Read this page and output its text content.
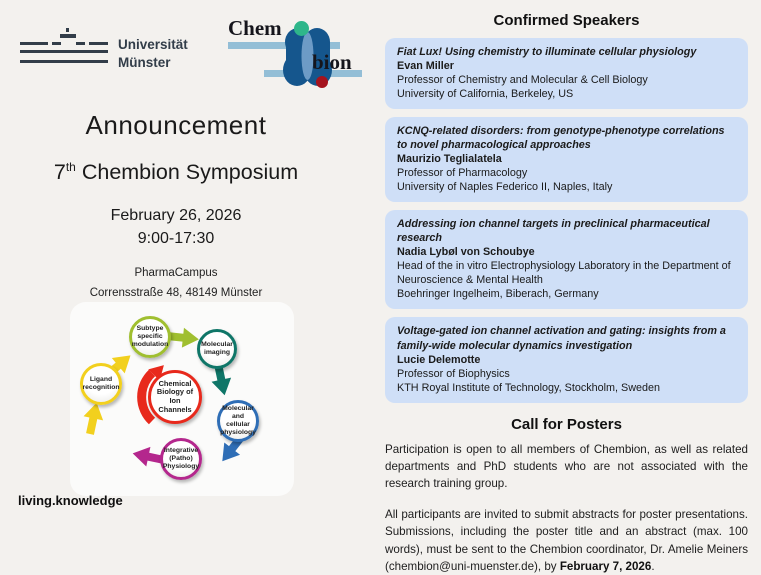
Universität
Münster
Chem
bion
Announcement
7th Chembion Symposium
February 26, 2026
9:00-17:30
PharmaCampus
Corrensstraße 48, 48149 Münster
Ligand recognition
Subtype specific modulation	Molecular imaging
Molecular and cellular physiology
Integrative (Patho) Physiology
Chemical Biology of Ion Channels
living.knowledge
Confirmed Speakers
Fiat Lux! Using chemistry to illuminate cellular physiology
Evan Miller
Professor of Chemistry and Molecular & Cell Biology
University of California, Berkeley, US
KCNQ-related disorders: from genotype-phenotype correlations to novel pharmacological approaches
Maurizio Teglialatela
Professor of Pharmacology
University of Naples Federico II, Naples, Italy
Addressing ion channel targets in preclinical pharmaceutical research
Nadia Lybøl von Schoubye
Head of the in vitro Electrophysiology Laboratory in the Department of Neuroscience & Mental Health
Boehringer Ingelheim, Biberach, Germany
Voltage-gated ion channel activation and gating: insights from a family-wide molecular dynamics investigation
Lucie Delemotte
Professor of Biophysics
KTH Royal Institute of Technology, Stockholm, Sweden
Call for Posters

Participation is open to all members of Chembion, as well as related departments and PhD students who are not associated with the research training group.

All participants are invited to submit abstracts for poster presentations. Submissions, including the poster title and an abstract (max. 100 words), must be sent to the Chembion coordinator, Dr. Amelie Meiners (chembion@uni-muenster.de), by February 7, 2026.
